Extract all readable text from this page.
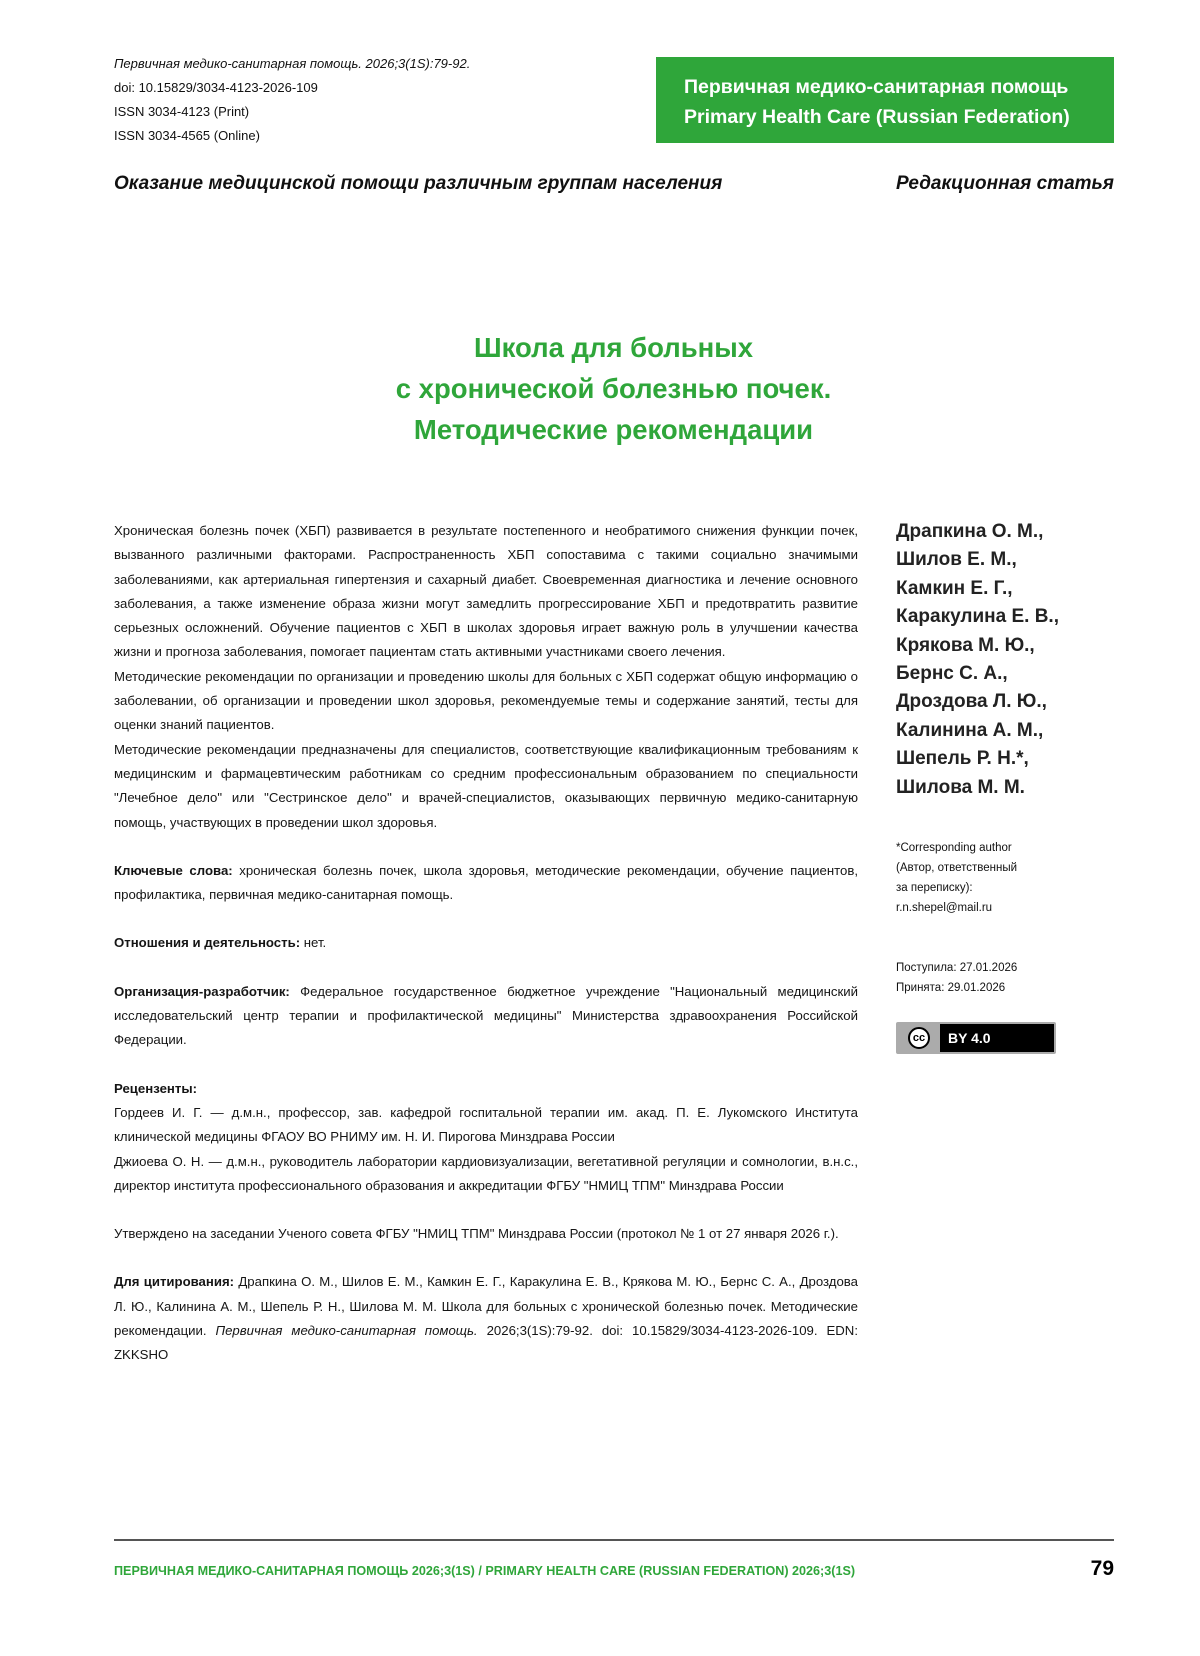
Первичная медико-санитарная помощь. 2026;3(1S):79-92.
doi: 10.15829/3034-4123-2026-109
ISSN 3034-4123 (Print)
ISSN 3034-4565 (Online)
Первичная медико-санитарная помощь
Primary Health Care (Russian Federation)
Оказание медицинской помощи различным группам населения	Редакционная статья
Школа для больных
с хронической болезнью почек.
Методические рекомендации

Хроническая болезнь почек (ХБП) развивается в результате постепенного и необратимого снижения функции почек, вызванного различными факторами. Распространенность ХБП сопоставима с такими социально значимыми заболеваниями, как артериальная гипертензия и сахарный диабет. Своевременная диагностика и лечение основного заболевания, а также изменение образа жизни могут замедлить прогрессирование ХБП и предотвратить развитие серьезных осложнений. Обучение пациентов с ХБП в школах здоровья играет важную роль в улучшении качества жизни и прогноза заболевания, помогает пациентам стать активными участниками своего лечения.

Методические рекомендации по организации и проведению школы для больных с ХБП содержат общую информацию о заболевании, об организации и проведении школ здоровья, рекомендуемые темы и содержание занятий, тесты для оценки знаний пациентов.

Методические рекомендации предназначены для специалистов, соответствующие квалификационным требованиям к медицинским и фармацевтическим работникам со средним профессиональным образованием по специальности "Лечебное дело" или "Сестринское дело" и врачей-специалистов, оказывающих первичную медико-санитарную помощь, участвующих в проведении школ здоровья.

Ключевые слова: хроническая болезнь почек, школа здоровья, методические рекомендации, обучение пациентов, профилактика, первичная медико-санитарная помощь.

Отношения и деятельность: нет.

Организация-разработчик: Федеральное государственное бюджетное учреждение "Национальный медицинский исследовательский центр терапии и профилактической медицины" Министерства здравоохранения Российской Федерации.

Рецензенты:

Гордеев И. Г. — д.м.н., профессор, зав. кафедрой госпитальной терапии им. акад. П. Е. Лукомского Института клинической медицины ФГАОУ ВО РНИМУ им. Н. И. Пирогова Минздрава России

Джиоева О. Н. — д.м.н., руководитель лаборатории кардиовизуализации, вегетативной регуляции и сомнологии, в.н.с., директор института профессионального образования и аккредитации ФГБУ "НМИЦ ТПМ" Минздрава России

Утверждено на заседании Ученого совета ФГБУ "НМИЦ ТПМ" Минздрава России (протокол № 1 от 27 января 2026 г.).

Для цитирования: Драпкина О. М., Шилов Е. М., Камкин Е. Г., Каракулина Е. В., Крякова М. Ю., Бернс С. А., Дроздова Л. Ю., Калинина А. М., Шепель Р. Н., Шилова М. М. Школа для больных с хронической болезнью почек. Методические рекомендации. Первичная медико-санитарная помощь. 2026;3(1S):79-92. doi: 10.15829/3034-4123-2026-109. EDN: ZKKSHO

Драпкина О. М.,
Шилов Е. М.,
Камкин Е. Г.,
Каракулина Е. В.,
Крякова М. Ю.,
Бернс С. А.,
Дроздова Л. Ю.,
Калинина А. М.,
Шепель Р. Н.*,
Шилова М. М.
*Corresponding author
(Автор, ответственный
за переписку):
r.n.shepel@mail.ru
Поступила: 27.01.2026
Принята: 29.01.2026
cc	BY 4.0
ПЕРВИЧНАЯ МЕДИКО-САНИТАРНАЯ ПОМОЩЬ 2026;3(1S) / PRIMARY HEALTH CARE (RUSSIAN FEDERATION) 2026;3(1S)	79
